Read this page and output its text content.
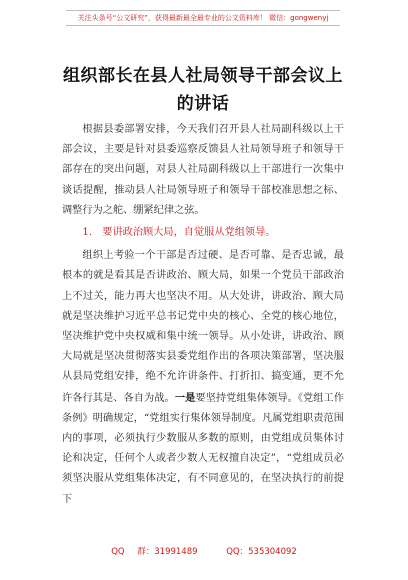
关注头条号“公文研究”，获得最新最全最专业的公文资料库！ 微信：gongwenyj
组织部长在县人社局领导干部会议上的讲话

根据县委部署安排，今天我们召开县人社局副科级以上干部会议，主要是针对县委巡察反馈县人社局领导班子和领导干部存在的突出问题，对县人社局副科级以上干部进行一次集中谈话提醒，推动县人社局领导班子和领导干部校准思想之标、调整行为之舵、绷紧纪律之弦。

1.　要讲政治顾大局，自觉服从党组领导。

组织上考验一个干部是否过硬、是否可靠、是否忠诚，最根本的就是看其是否讲政治、顾大局，如果一个党员干部政治上不过关，能力再大也坚决不用。从大处讲，讲政治、顾大局就是坚决维护习近平总书记党中央的核心、全党的核心地位，坚决维护党中央权威和集中统一领导。从小处讲，讲政治、顾大局就是坚决贯彻落实县委党组作出的各项决策部署，坚决服从县局党组安排，绝不允许讲条件、打折扣、搞变通，更不允许各行其是、各自为战。一是要坚持党组集体领导。《党组工作条例》明确规定，“党组实行集体领导制度。凡属党组职责范围内的事项，必须执行少数服从多数的原则，由党组成员集体讨论和决定，任何个人或者少数人无权擅自决定”，“党组成员必须坚决服从党组集体决定，有不同意见的，在坚决执行的前提下

QQ 群：31991489	QQ：535304092
